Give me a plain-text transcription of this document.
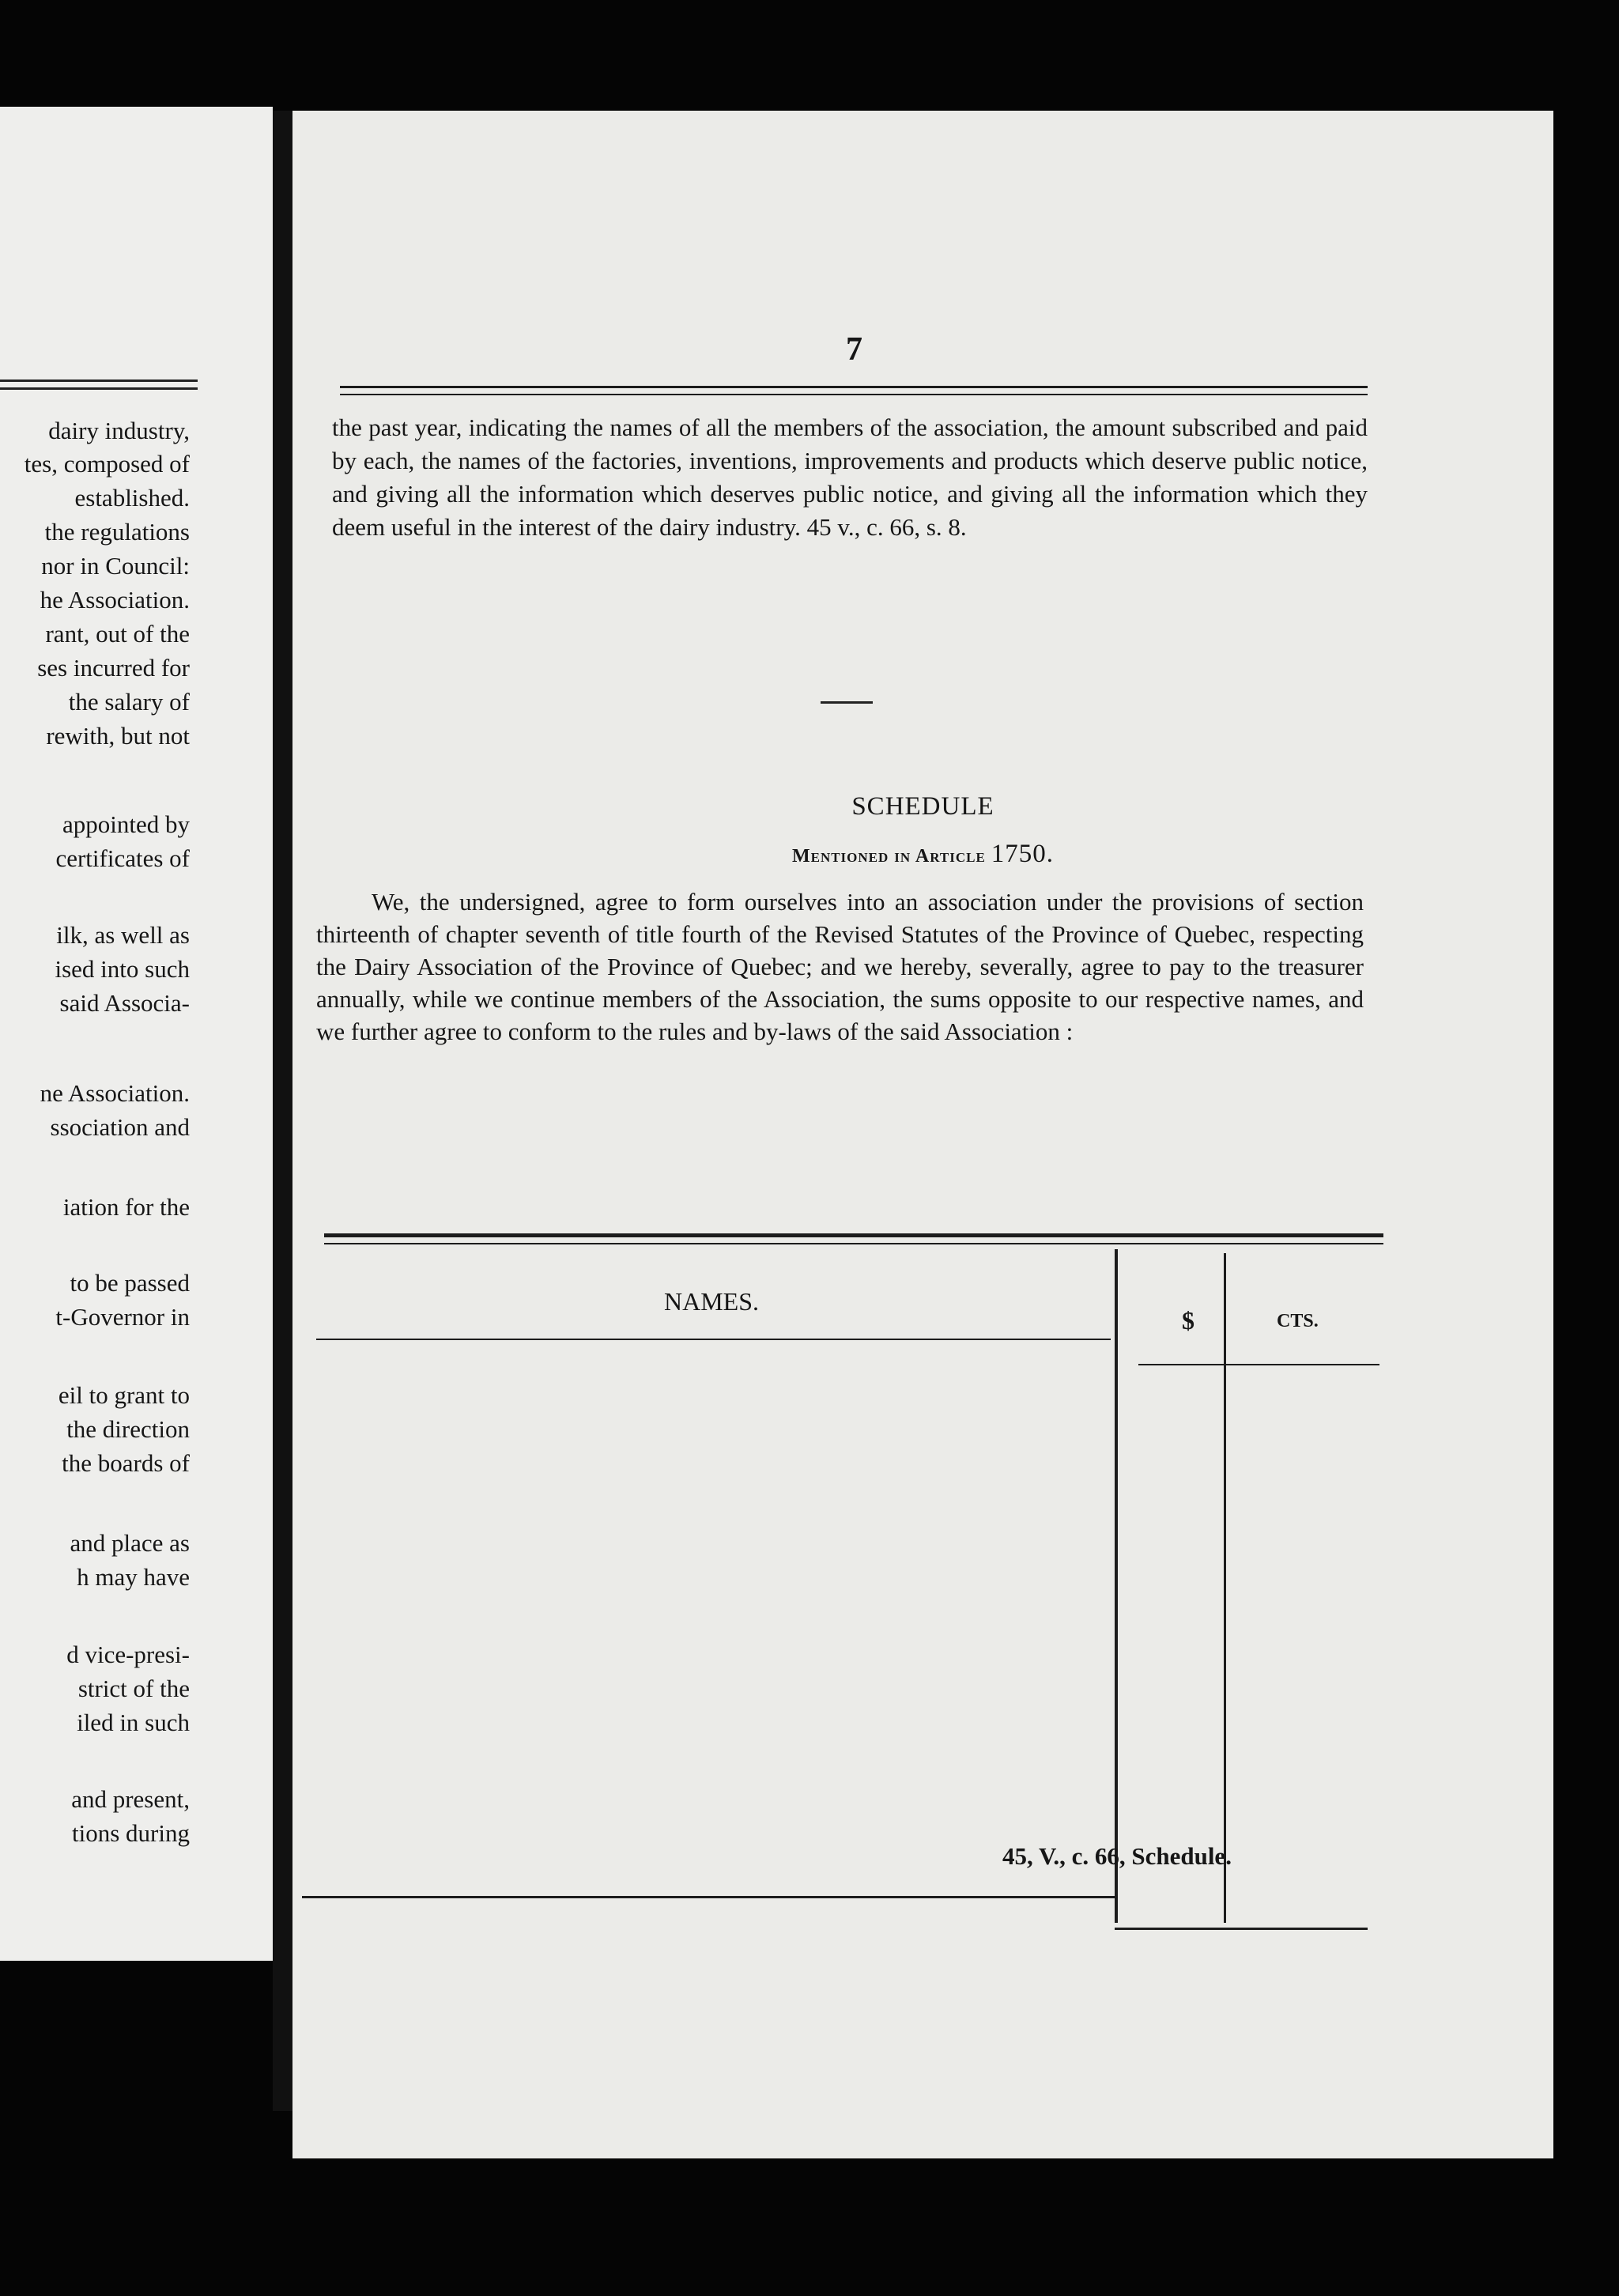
dairy industry,
tes, composed of
established.
the regulations
nor in Council:
he Association.
rant, out of the
ses incurred for
the salary of
rewith, but not
appointed by
certificates of
ilk, as well as
ised into such
said Associa-
ne Association.
ssociation and
iation for the
to be passed
t-Governor in
eil to grant to
the direction
the boards of
and place as
h may have
d vice-presi-
strict of the
iled in such
and present,
tions during
7
the past year, indicating the names of all the members of the association, the amount subscribed and paid by each, the names of the factories, inventions, improvements and products which deserve public notice, and giving all the information which deserves public notice, and giving all the information which they deem useful in the interest of the dairy industry. 45 v., c. 66, s. 8.
SCHEDULE
Mentioned in Article 1750.
We, the undersigned, agree to form ourselves into an association under the provisions of section thirteenth of chapter seventh of title fourth of the Revised Statutes of the Province of Quebec, respecting the Dairy Association of the Province of Quebec; and we hereby, severally, agree to pay to the treasurer annually, while we continue members of the Association, the sums opposite to our respective names, and we further agree to conform to the rules and by-laws of the said Association :
NAMES.
$	CTS.
45, V., c. 66, Schedule.
